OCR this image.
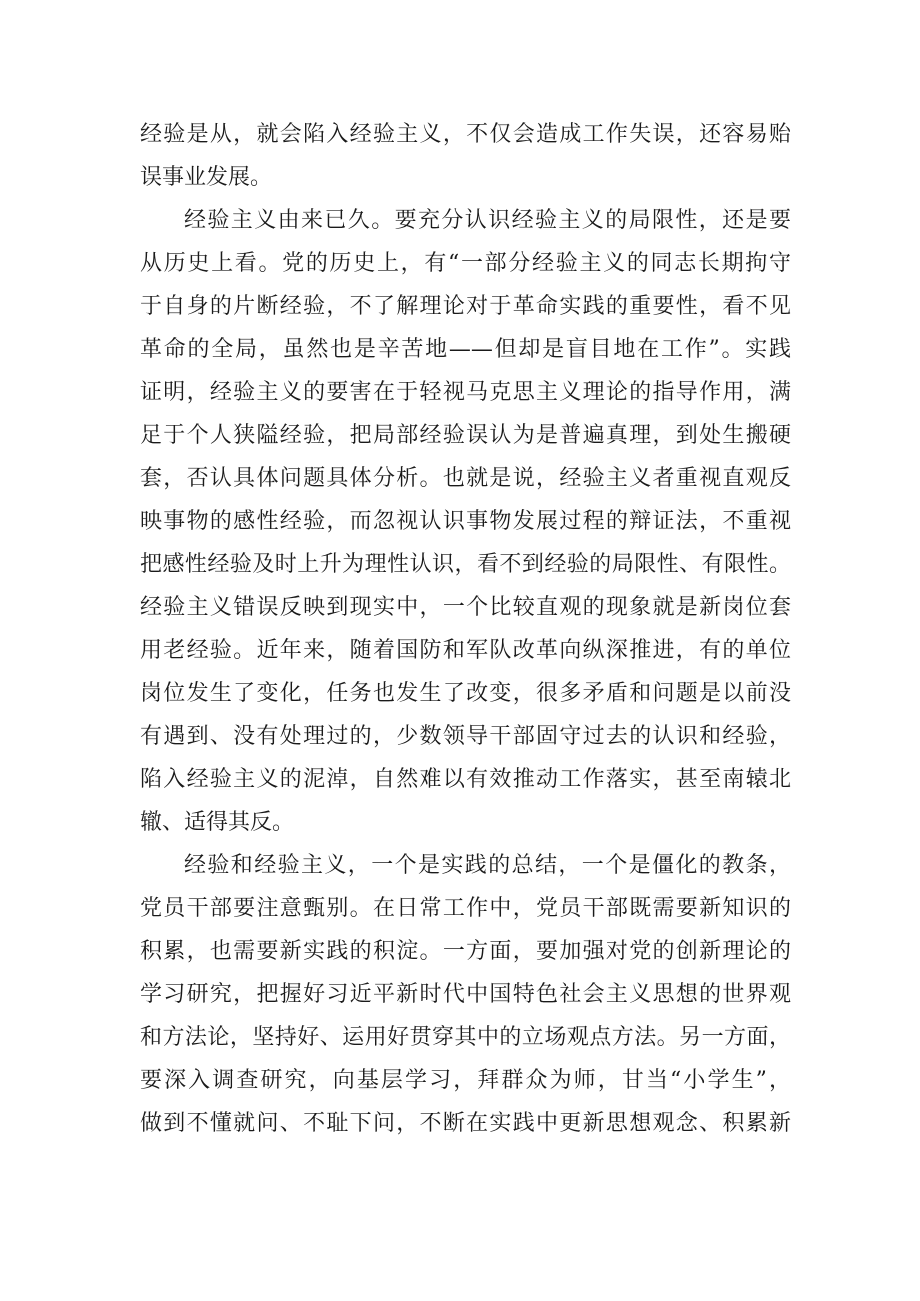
经验是从，就会陷入经验主义，不仅会造成工作失误，还容易贻
误事业发展。
经验主义由来已久。要充分认识经验主义的局限性，还是要
从历史上看。党的历史上，有“一部分经验主义的同志长期拘守
于自身的片断经验，不了解理论对于革命实践的重要性，看不见
革命的全局，虽然也是辛苦地——但却是盲目地在工作”。实践
证明，经验主义的要害在于轻视马克思主义理论的指导作用，满
足于个人狭隘经验，把局部经验误认为是普遍真理，到处生搬硬
套，否认具体问题具体分析。也就是说，经验主义者重视直观反
映事物的感性经验，而忽视认识事物发展过程的辩证法，不重视
把感性经验及时上升为理性认识，看不到经验的局限性、有限性。
经验主义错误反映到现实中，一个比较直观的现象就是新岗位套
用老经验。近年来，随着国防和军队改革向纵深推进，有的单位
岗位发生了变化，任务也发生了改变，很多矛盾和问题是以前没
有遇到、没有处理过的，少数领导干部固守过去的认识和经验，
陷入经验主义的泥淖，自然难以有效推动工作落实，甚至南辕北
辙、适得其反。
经验和经验主义，一个是实践的总结，一个是僵化的教条，
党员干部要注意甄别。在日常工作中，党员干部既需要新知识的
积累，也需要新实践的积淀。一方面，要加强对党的创新理论的
学习研究，把握好习近平新时代中国特色社会主义思想的世界观
和方法论，坚持好、运用好贯穿其中的立场观点方法。另一方面，
要深入调查研究，向基层学习，拜群众为师，甘当“小学生”，
做到不懂就问、不耻下问，不断在实践中更新思想观念、积累新
